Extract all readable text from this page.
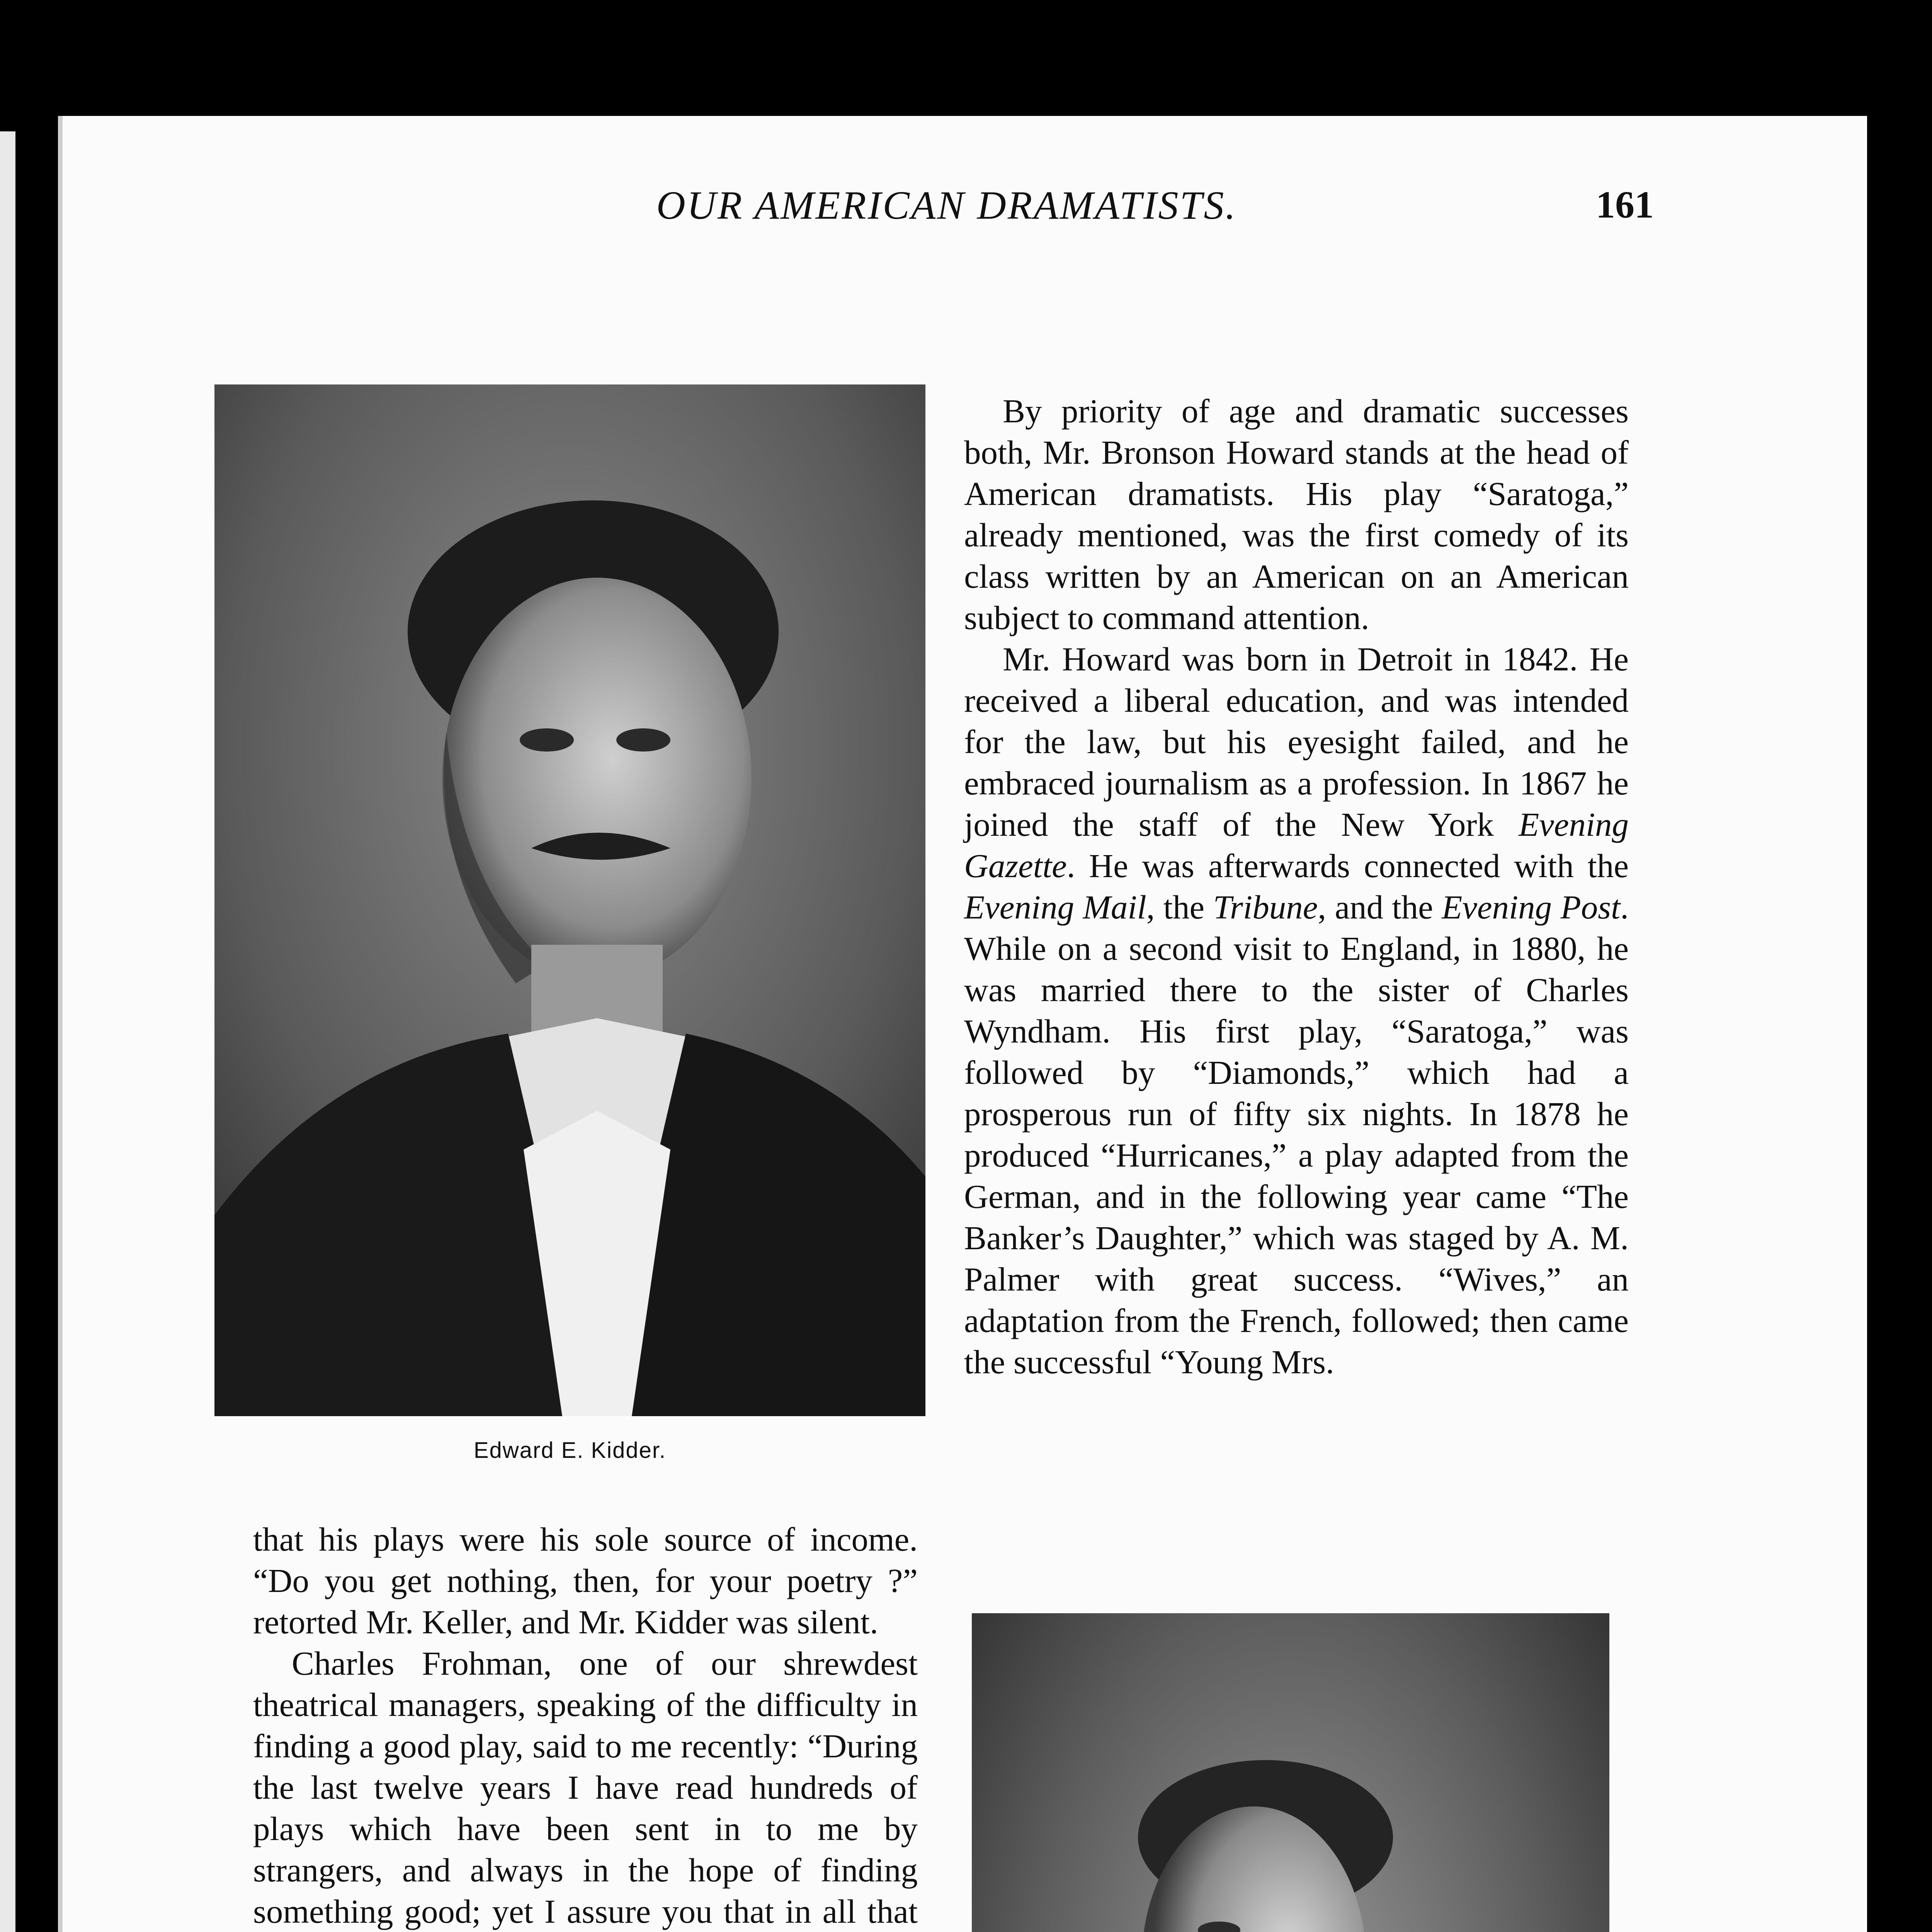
OUR AMERICAN DRAMATISTS.	161
Edward E. Kidder.

By priority of age and dramatic successes both, Mr. Bronson Howard stands at the head of American dramatists. His play “Saratoga,” already mentioned, was the first comedy of its class written by an American on an American subject to command attention.

Mr. Howard was born in Detroit in 1842. He received a liberal education, and was intended for the law, but his eyesight failed, and he embraced journalism as a profession. In 1867 he joined the staff of the New York Evening Gazette. He was afterwards connected with the Evening Mail, the Tribune, and the Evening Post. While on a second visit to England, in 1880, he was married there to the sister of Charles Wyndham. His first play, “Saratoga,” was followed by “Diamonds,” which had a prosperous run of fifty six nights. In 1878 he produced “Hurricanes,” a play adapted from the German, and in the following year came “The Banker’s Daughter,” which was staged by A. M. Palmer with great success. “Wives,” an adaptation from the French, followed; then came the successful “Young Mrs.

that his plays were his sole source of income. “Do you get nothing, then, for your poetry ?” retorted Mr. Keller, and Mr. Kidder was silent.

Charles Frohman, one of our shrewdest theatrical managers, speaking of the difficulty in finding a good play, said to me recently: “During the last twelve years I have read hundreds of plays which have been sent in to me by strangers, and always in the hope of finding something good; yet I assure you that in all that
